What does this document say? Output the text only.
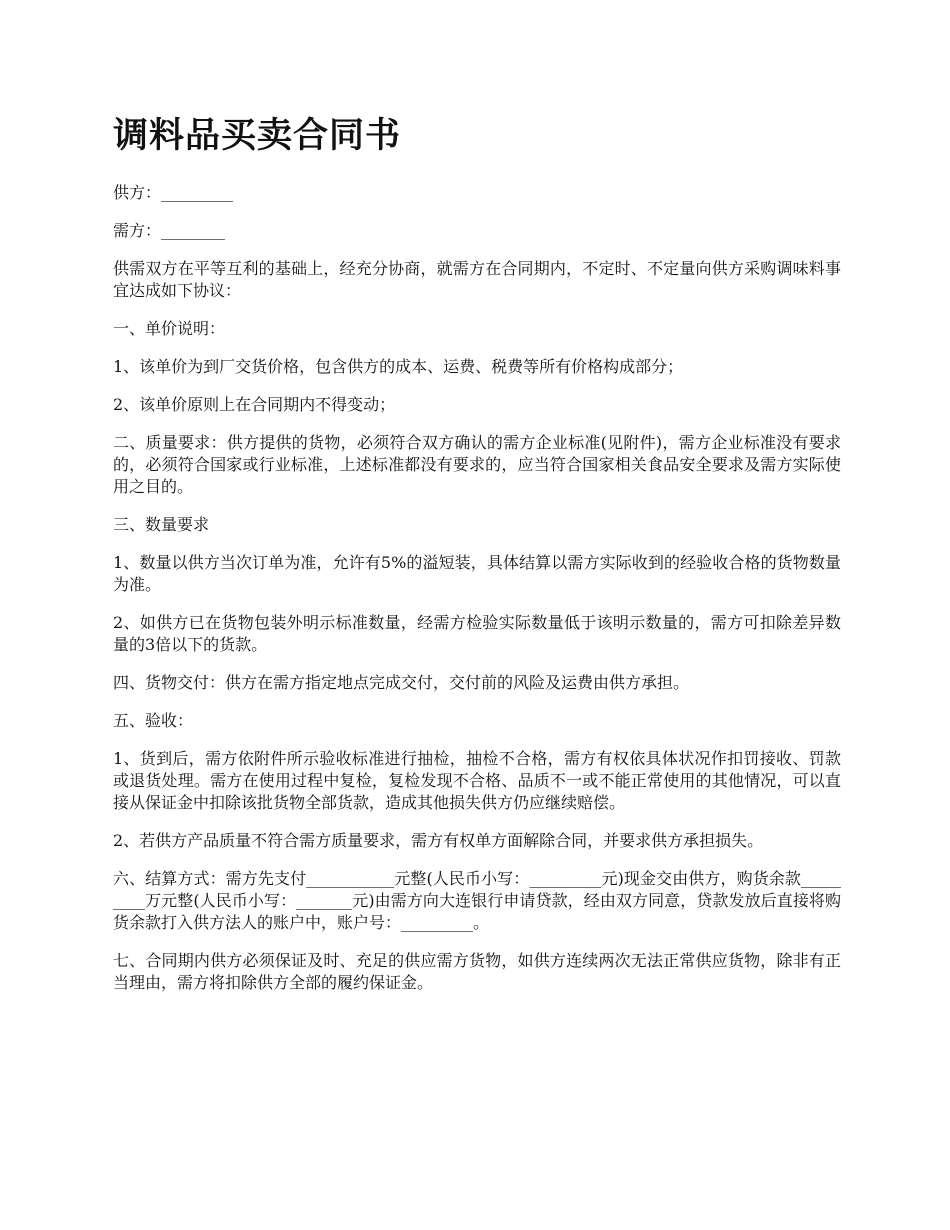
调料品买卖合同书

供方：_________

需方：________

供需双方在平等互利的基础上，经充分协商，就需方在合同期内，不定时、不定量向供方采购调味料事宜达成如下协议：

一、单价说明：

1、该单价为到厂交货价格，包含供方的成本、运费、税费等所有价格构成部分；

2、该单价原则上在合同期内不得变动；

二、质量要求：供方提供的货物，必须符合双方确认的需方企业标准(见附件)，需方企业标准没有要求的，必须符合国家或行业标准，上述标准都没有要求的，应当符合国家相关食品安全要求及需方实际使用之目的。

三、数量要求

1、数量以供方当次订单为准，允许有5%的溢短装，具体结算以需方实际收到的经验收合格的货物数量为准。

2、如供方已在货物包装外明示标准数量，经需方检验实际数量低于该明示数量的，需方可扣除差异数量的3倍以下的货款。

四、货物交付：供方在需方指定地点完成交付，交付前的风险及运费由供方承担。

五、验收：

1、货到后，需方依附件所示验收标准进行抽检，抽检不合格，需方有权依具体状况作扣罚接收、罚款或退货处理。需方在使用过程中复检，复检发现不合格、品质不一或不能正常使用的其他情况，可以直接从保证金中扣除该批货物全部货款，造成其他损失供方仍应继续赔偿。

2、若供方产品质量不符合需方质量要求，需方有权单方面解除合同，并要求供方承担损失。

六、结算方式：需方先支付___________元整(人民币小写：_________元)现金交由供方，购货余款_________万元整(人民币小写：_______元)由需方向大连银行申请贷款，经由双方同意，贷款发放后直接将购货余款打入供方法人的账户中，账户号：_________。

七、合同期内供方必须保证及时、充足的供应需方货物，如供方连续两次无法正常供应货物，除非有正当理由，需方将扣除供方全部的履约保证金。
